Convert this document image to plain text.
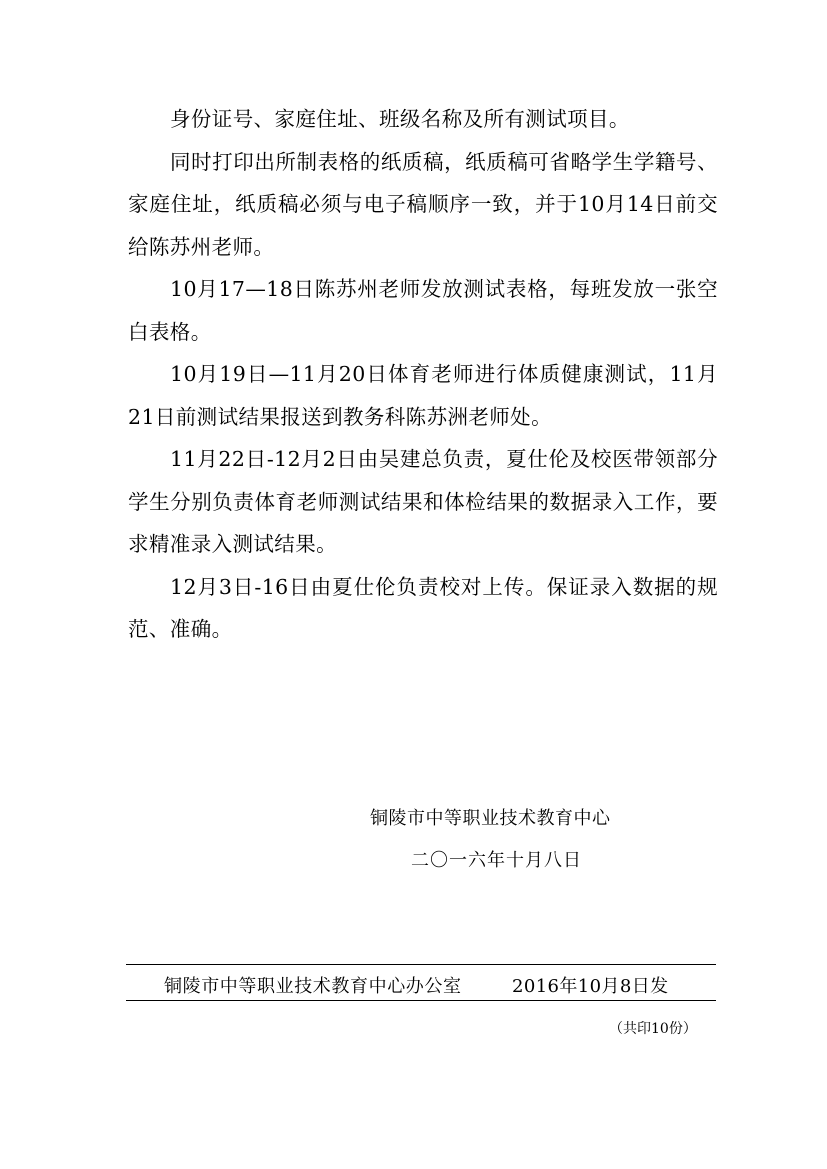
身份证号、家庭住址、班级名称及所有测试项目。

同时打印出所制表格的纸质稿，纸质稿可省略学生学籍号、家庭住址，纸质稿必须与电子稿顺序一致，并于10月14日前交给陈苏州老师。

10月17—18日陈苏州老师发放测试表格，每班发放一张空白表格。

10月19日—11月20日体育老师进行体质健康测试，11月21日前测试结果报送到教务科陈苏洲老师处。

11月22日-12月2日由吴建总负责，夏仕伦及校医带领部分学生分别负责体育老师测试结果和体检结果的数据录入工作，要求精准录入测试结果。

12月3日-16日由夏仕伦负责校对上传。保证录入数据的规范、准确。

铜陵市中等职业技术教育中心
二〇一六年十月八日
铜陵市中等职业技术教育中心办公室	2016年10月8日发
（共印10份）
